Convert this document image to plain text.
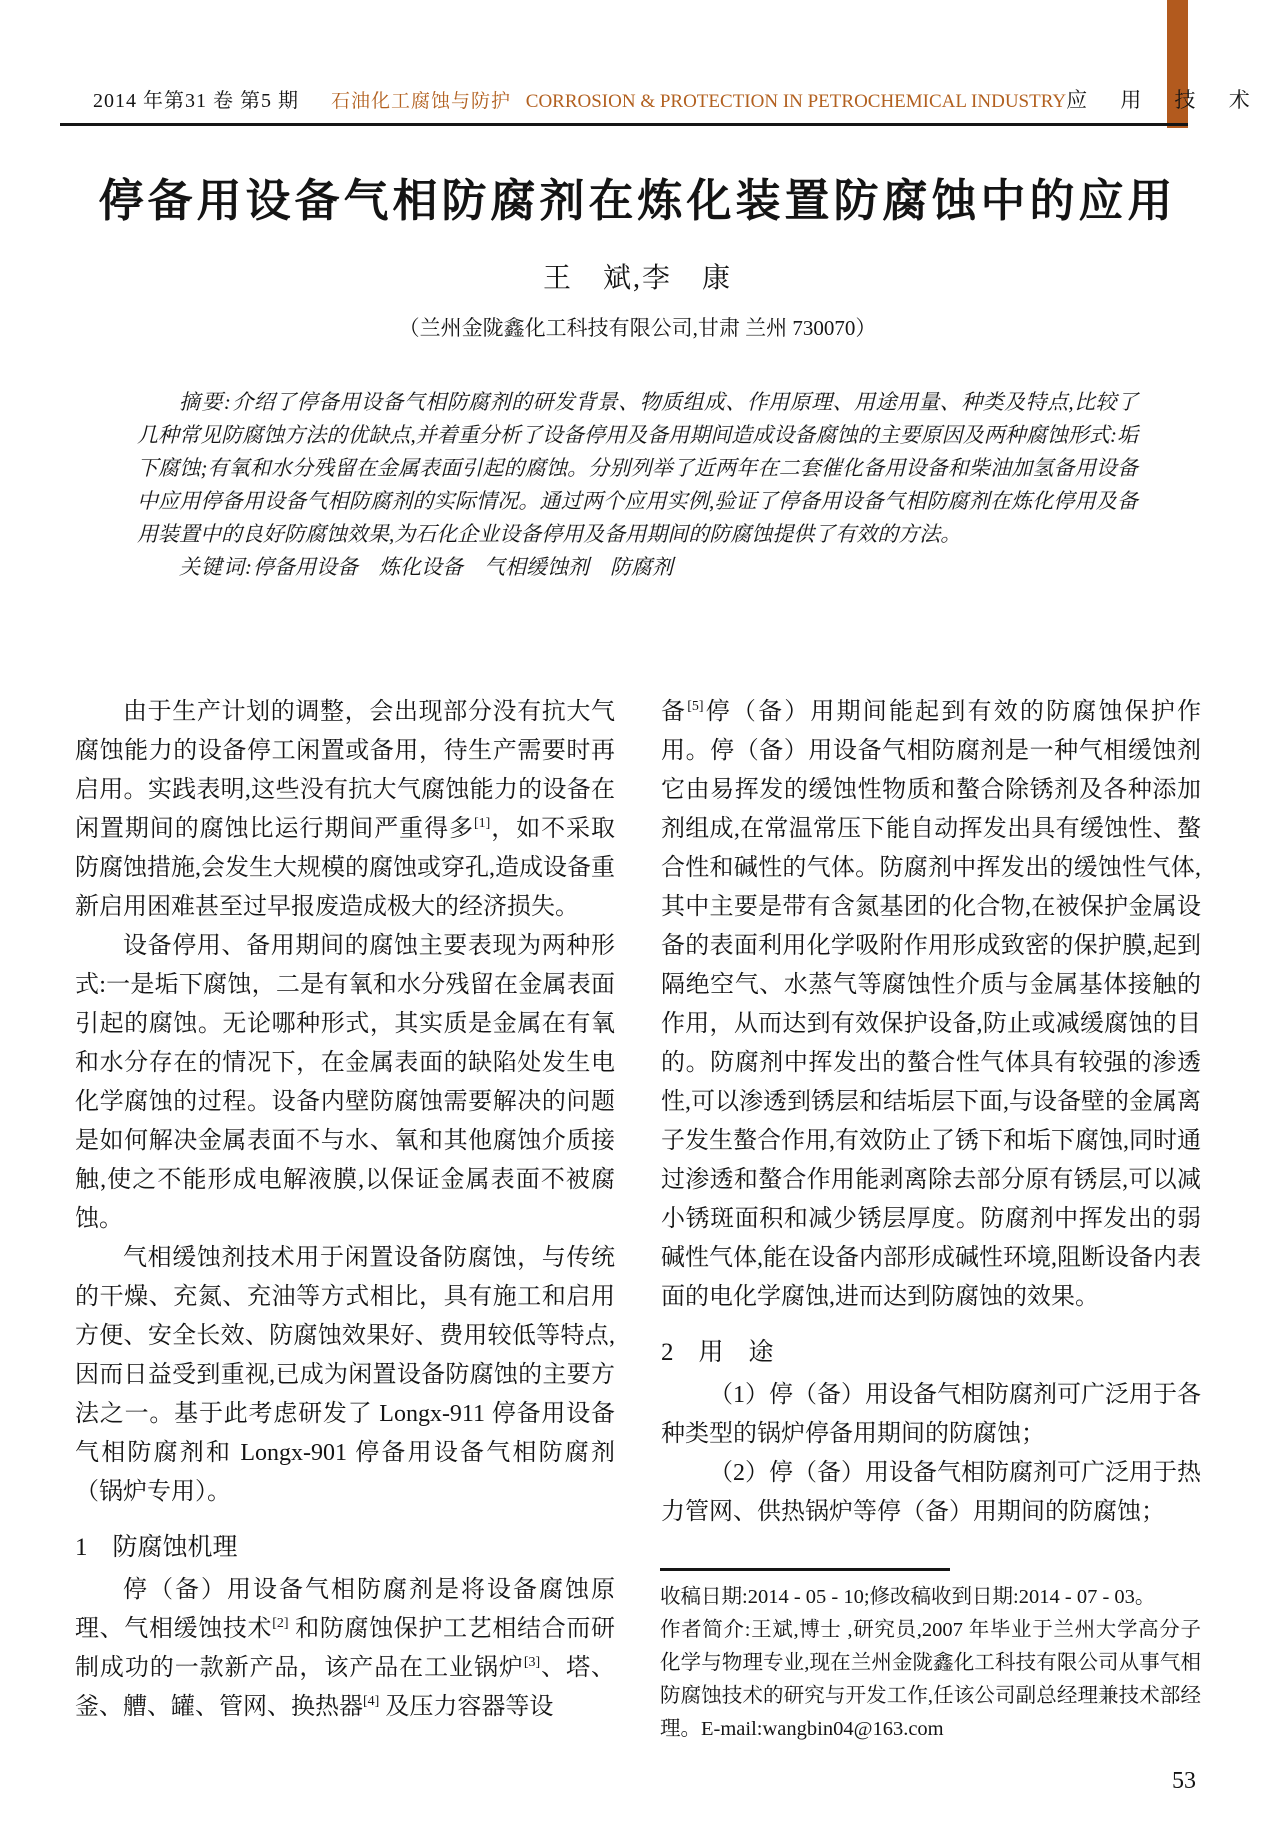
2014 年第31 卷 第5 期 石油化工腐蚀与防护 CORROSION & PROTECTION IN PETROCHEMICAL INDUSTRY 应 用 技 术
停备用设备气相防腐剂在炼化装置防腐蚀中的应用
王　斌,李　康
（兰州金陇鑫化工科技有限公司,甘肃 兰州 730070）

摘要:介绍了停备用设备气相防腐剂的研发背景、物质组成、作用原理、用途用量、种类及特点,比较了几种常见防腐蚀方法的优缺点,并着重分析了设备停用及备用期间造成设备腐蚀的主要原因及两种腐蚀形式:垢下腐蚀;有氧和水分残留在金属表面引起的腐蚀。分别列举了近两年在二套催化备用设备和柴油加氢备用设备中应用停备用设备气相防腐剂的实际情况。通过两个应用实例,验证了停备用设备气相防腐剂在炼化停用及备用装置中的良好防腐蚀效果,为石化企业设备停用及备用期间的防腐蚀提供了有效的方法。

关键词:停备用设备　炼化设备　气相缓蚀剂　防腐剂

由于生产计划的调整，会出现部分没有抗大气腐蚀能力的设备停工闲置或备用，待生产需要时再启用。实践表明,这些没有抗大气腐蚀能力的设备在闲置期间的腐蚀比运行期间严重得多[1]，如不采取防腐蚀措施,会发生大规模的腐蚀或穿孔,造成设备重新启用困难甚至过早报废造成极大的经济损失。

设备停用、备用期间的腐蚀主要表现为两种形式:一是垢下腐蚀，二是有氧和水分残留在金属表面引起的腐蚀。无论哪种形式，其实质是金属在有氧和水分存在的情况下，在金属表面的缺陷处发生电化学腐蚀的过程。设备内壁防腐蚀需要解决的问题是如何解决金属表面不与水、氧和其他腐蚀介质接触,使之不能形成电解液膜,以保证金属表面不被腐蚀。

气相缓蚀剂技术用于闲置设备防腐蚀，与传统的干燥、充氮、充油等方式相比，具有施工和启用方便、安全长效、防腐蚀效果好、费用较低等特点,因而日益受到重视,已成为闲置设备防腐蚀的主要方法之一。基于此考虑研发了 Longx-911 停备用设备气相防腐剂和 Longx-901 停备用设备气相防腐剂（锅炉专用）。

1　防腐蚀机理

停（备）用设备气相防腐剂是将设备腐蚀原理、气相缓蚀技术[2] 和防腐蚀保护工艺相结合而研制成功的一款新产品，该产品在工业锅炉[3]、塔、釜、艚、罐、管网、换热器[4] 及压力容器等设

备[5]停（备）用期间能起到有效的防腐蚀保护作用。停（备）用设备气相防腐剂是一种气相缓蚀剂它由易挥发的缓蚀性物质和螯合除锈剂及各种添加剂组成,在常温常压下能自动挥发出具有缓蚀性、螯合性和碱性的气体。防腐剂中挥发出的缓蚀性气体,其中主要是带有含氮基团的化合物,在被保护金属设备的表面利用化学吸附作用形成致密的保护膜,起到隔绝空气、水蒸气等腐蚀性介质与金属基体接触的作用，从而达到有效保护设备,防止或减缓腐蚀的目的。防腐剂中挥发出的螯合性气体具有较强的渗透性,可以渗透到锈层和结垢层下面,与设备壁的金属离子发生螯合作用,有效防止了锈下和垢下腐蚀,同时通过渗透和螯合作用能剥离除去部分原有锈层,可以减小锈斑面积和减少锈层厚度。防腐剂中挥发出的弱碱性气体,能在设备内部形成碱性环境,阻断设备内表面的电化学腐蚀,进而达到防腐蚀的效果。

2　用　途

（1）停（备）用设备气相防腐剂可广泛用于各种类型的锅炉停备用期间的防腐蚀；

（2）停（备）用设备气相防腐剂可广泛用于热力管网、供热锅炉等停（备）用期间的防腐蚀；

收稿日期:2014 - 05 - 10;修改稿收到日期:2014 - 07 - 03。

作者简介:王斌,博士 ,研究员,2007 年毕业于兰州大学高分子化学与物理专业,现在兰州金陇鑫化工科技有限公司从事气相防腐蚀技术的研究与开发工作,任该公司副总经理兼技术部经理。E-mail:wangbin04@163.com

53
